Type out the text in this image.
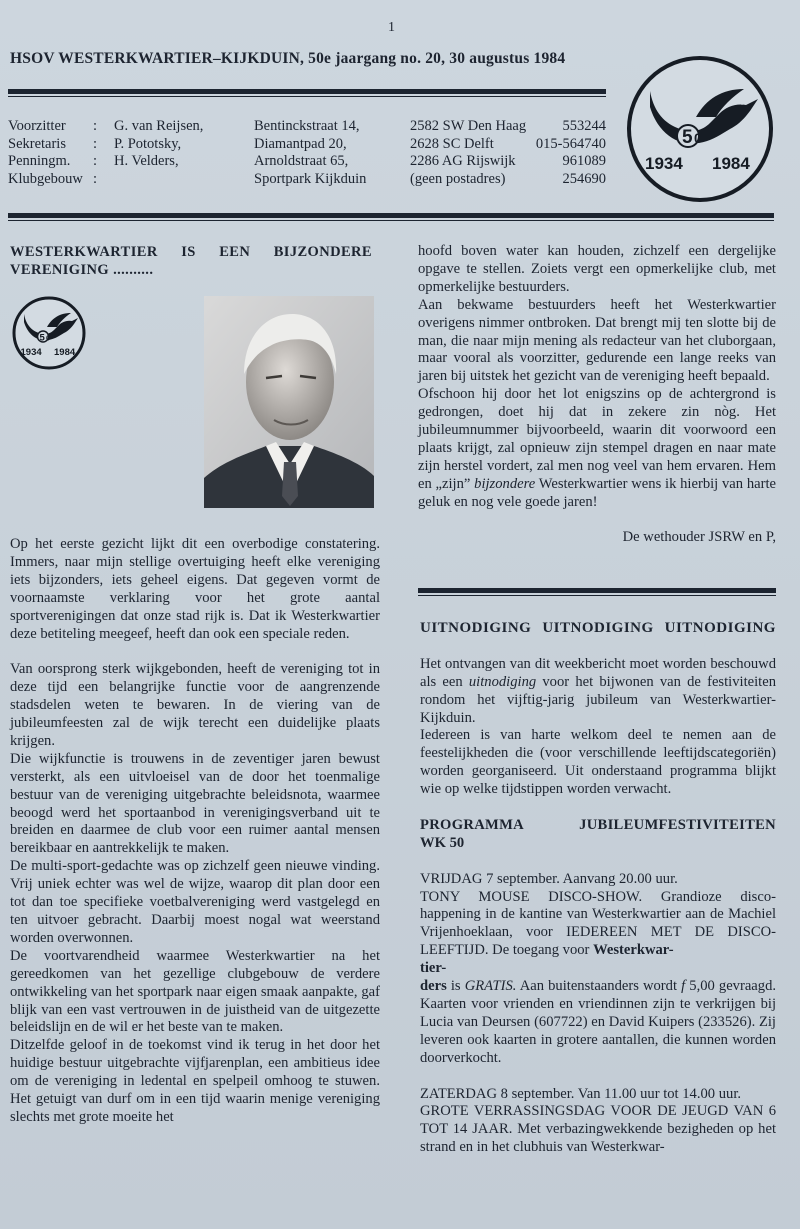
1
HSOV WESTERKWARTIER–KIJKDUIN, 50e jaargang no. 20, 30 augustus 1984
Voorzitter
Sekretaris
Penningm.
Klubgebouw
:
:
:
:
G. van Reijsen,
P. Pototsky,
H. Velders,
Bentinckstraat 14,
Diamantpad 20,
Arnoldstraat 65,
Sportpark Kijkduin
2582 SW Den Haag
2628 SC Delft
2286 AG Rijswijk
(geen postadres)
553244
015-564740
961089
254690
5 0
1934 1984
WESTERKWARTIER IS EEN BIJZONDERE
VERENIGING ..........
5 0
1934 1984

Op het eerste gezicht lijkt dit een overbodige constatering. Immers, naar mijn stellige overtuiging heeft elke vereniging iets bijzonders, iets geheel eigens. Dat gegeven vormt de voornaamste verklaring voor het grote aantal sportverenigingen dat onze stad rijk is. Dat ik Westerkwartier deze betiteling meegeef, heeft dan ook een speciale reden.

Van oorsprong sterk wijkgebonden, heeft de vereniging tot in deze tijd een belangrijke functie voor de aangrenzende stadsdelen weten te bewaren. In de viering van de jubileumfeesten zal de wijk terecht een duidelijke plaats krijgen.

Die wijkfunctie is trouwens in de zeventiger jaren bewust versterkt, als een uitvloeisel van de door het toenmalige bestuur van de vereniging uitgebrachte beleidsnota, waarmee beoogd werd het sportaanbod in verenigingsverband uit te breiden en daarmee de club voor een ruimer aantal mensen bereikbaar en aantrekkelijk te maken.

De multi-sport-gedachte was op zichzelf geen nieuwe vinding. Vrij uniek echter was wel de wijze, waarop dit plan door een tot dan toe specifieke voetbalvereniging werd vastgelegd en ten uitvoer gebracht. Daarbij moest nogal wat weerstand worden overwonnen.

De voortvarendheid waarmee Westerkwartier na het gereedkomen van het gezellige clubgebouw de verdere ontwikkeling van het sportpark naar eigen smaak aanpakte, gaf blijk van een vast vertrouwen in de juistheid van de uitgezette beleidslijn en de wil er het beste van te maken.

Ditzelfde geloof in de toekomst vind ik terug in het door het huidige bestuur uitgebrachte vijfjarenplan, een ambitieus idee om de vereniging in ledental en spelpeil omhoog te stuwen. Het getuigt van durf om in een tijd waarin menige vereniging slechts met grote moeite het

hoofd boven water kan houden, zichzelf een dergelijke opgave te stellen. Zoiets vergt een opmerkelijke club, met opmerkelijke bestuurders.

Aan bekwame bestuurders heeft het Westerkwartier overigens nimmer ontbroken. Dat brengt mij ten slotte bij de man, die naar mijn mening als redacteur van het cluborgaan, maar vooral als voorzitter, gedurende een lange reeks van jaren bij uitstek het gezicht van de vereniging heeft bepaald.

Ofschoon hij door het lot enigszins op de achtergrond is gedrongen, doet hij dat in zekere zin nòg. Het jubileumnummer bijvoorbeeld, waarin dit voorwoord een plaats krijgt, zal opnieuw zijn stempel dragen en naar mate zijn herstel vordert, zal men nog veel van hem ervaren. Hem en „zijn” bijzondere Westerkwartier wens ik hierbij van harte geluk en nog vele goede jaren!

De wethouder JSRW en P,

UITNODIGING UITNODIGING UITNODIGING

Het ontvangen van dit weekbericht moet worden beschouwd als een uitnodiging voor het bijwonen van de festiviteiten rondom het vijftig-jarig jubileum van Westerkwartier-Kijkduin.

Iedereen is van harte welkom deel te nemen aan de feestelijkheden die (voor verschillende leeftijdscategoriën) worden georganiseerd. Uit onderstaand programma blijkt wie op welke tijdstippen worden verwacht.

PROGRAMMA	JUBILEUMFESTIVITEITEN
WK 50

VRIJDAG 7 september. Aanvang 20.00 uur.

TONY MOUSE DISCO-SHOW. Grandioze disco-happening in de kantine van Westerkwartier aan de Machiel Vrijenhoeklaan, voor IEDEREEN MET DE DISCO-LEEFTIJD. De toegang voor Westerkwar-
tier-
ders is GRATIS. Aan buitenstaanders wordt f 5,00 gevraagd. Kaarten voor vrienden en vriendinnen zijn te verkrijgen bij Lucia van Deursen (607722) en David Kuipers (233526). Zij leveren ook kaarten in grotere aantallen, die kunnen worden doorverkocht.

ZATERDAG 8 september. Van 11.00 uur tot 14.00 uur.

GROTE VERRASSINGSDAG VOOR DE JEUGD VAN 6 TOT 14 JAAR. Met verbazingwekkende bezigheden op het strand en in het clubhuis van Westerkwar-
